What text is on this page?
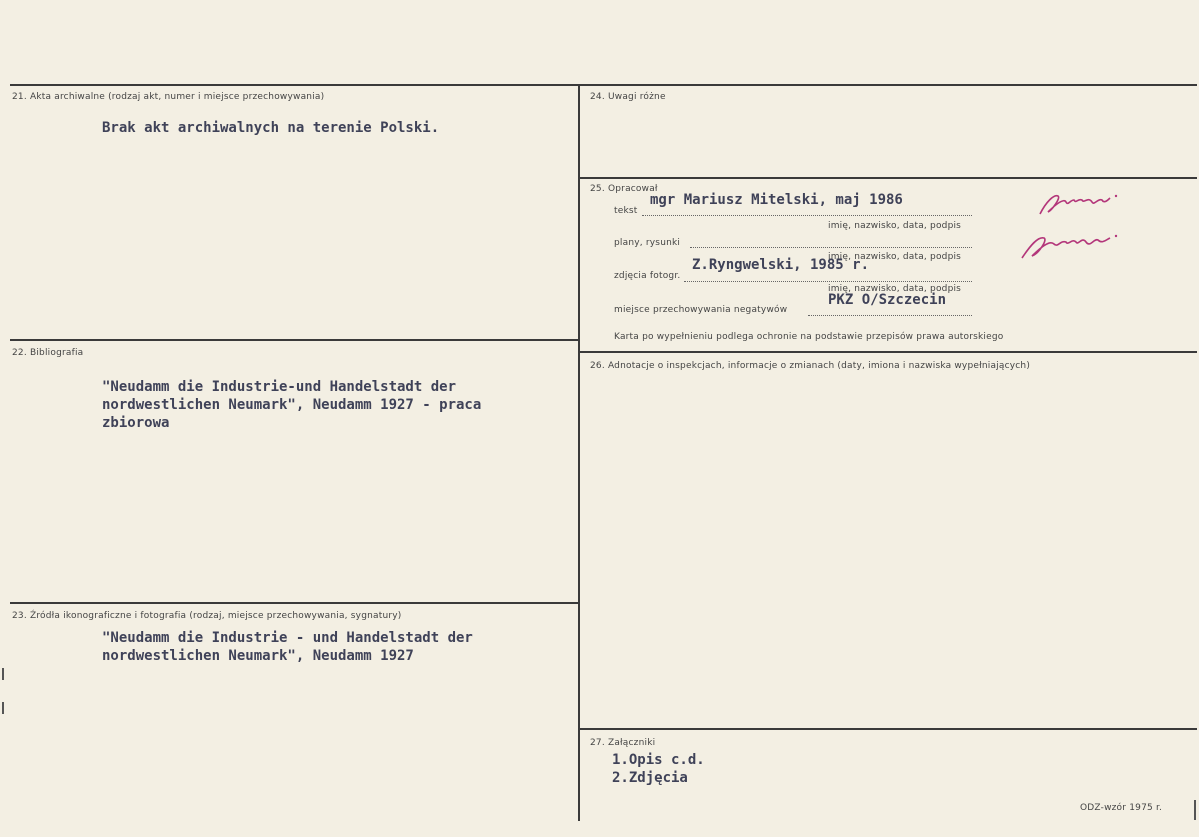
21. Akta archiwalne (rodzaj akt, numer i miejsce przechowywania)
Brak akt archiwalnych na terenie Polski.
22. Bibliografia
"Neudamm die Industrie-und Handelstadt der
nordwestlichen Neumark", Neudamm 1927 - praca
zbiorowa
23. Źródła ikonograficzne i fotografia (rodzaj, miejsce przechowywania, sygnatury)
"Neudamm die Industrie - und Handelstadt der
nordwestlichen Neumark", Neudamm 1927
24. Uwagi różne
25. Opracował
tekst
mgr Mariusz Mitelski, maj 1986
imię, nazwisko, data, podpis
plany, rysunki
imię, nazwisko, data, podpis
zdjęcia fotogr.
Z.Ryngwelski, 1985 r.
imię, nazwisko, data, podpis
miejsce przechowywania negatywów
PKZ O/Szczecin
Karta po wypełnieniu podlega ochronie na podstawie przepisów prawa autorskiego
26. Adnotacje o inspekcjach, informacje o zmianach (daty, imiona i nazwiska wypełniających)
27. Załączniki
1.Opis c.d.
2.Zdjęcia
ODZ-wzór 1975 r.
